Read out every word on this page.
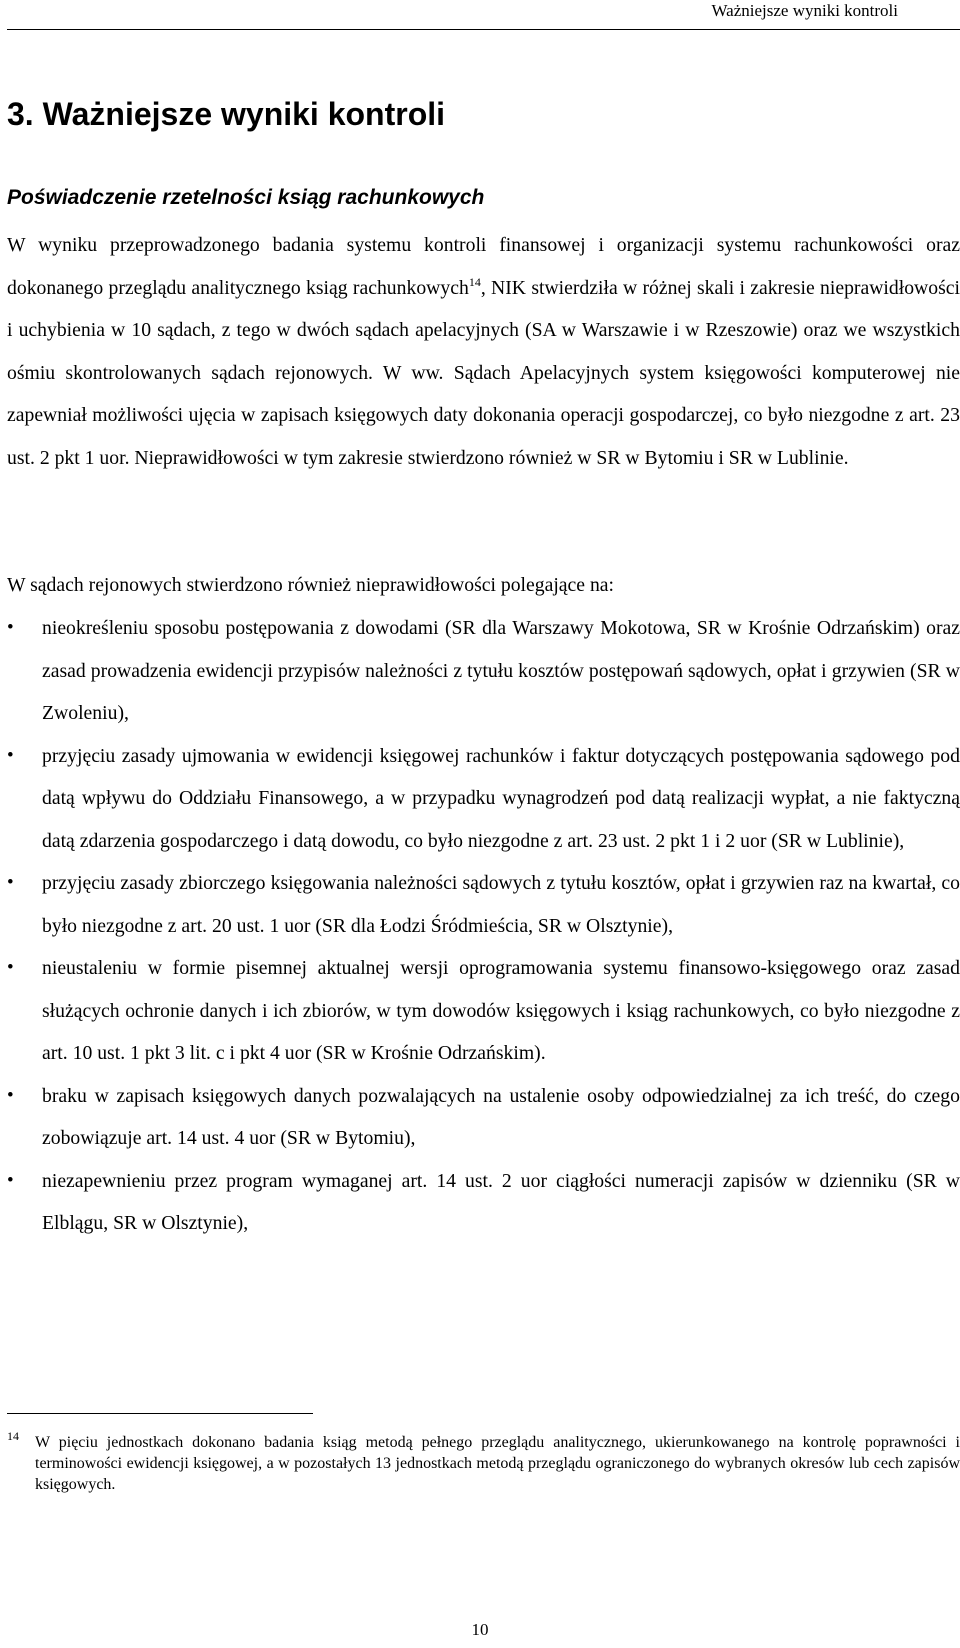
Ważniejsze wyniki kontroli
3. Ważniejsze wyniki kontroli
Poświadczenie rzetelności ksiąg rachunkowych

W wyniku przeprowadzonego badania systemu kontroli finansowej i organizacji systemu rachunkowości oraz dokonanego przeglądu analitycznego ksiąg rachunkowych$^{14}$, NIK stwierdziła w różnej skali i zakresie nieprawidłowości i uchybienia w 10 sądach, z tego w dwóch sądach apelacyjnych (SA w Warszawie i w Rzeszowie) oraz we wszystkich ośmiu skontrolowanych sądach rejonowych. W ww. Sądach Apelacyjnych system księgowości komputerowej nie zapewniał możliwości ujęcia w zapisach księgowych daty dokonania operacji gospodarczej, co było niezgodne z art. 23 ust. 2 pkt 1 uor. Nieprawidłowości w tym zakresie stwierdzono również w SR w Bytomiu i SR w Lublinie.

W sądach rejonowych stwierdzono również nieprawidłowości polegające na:

• nieokreśleniu sposobu postępowania z dowodami (SR dla Warszawy Mokotowa, SR w Krośnie Odrzańskim) oraz zasad prowadzenia ewidencji przypisów należności z tytułu kosztów postępowań sądowych, opłat i grzywien (SR w Zwoleniu),
• przyjęciu zasady ujmowania w ewidencji księgowej rachunków i faktur dotyczących postępowania sądowego pod datą wpływu do Oddziału Finansowego, a w przypadku wynagrodzeń pod datą realizacji wypłat, a nie faktyczną datą zdarzenia gospodarczego i datą dowodu, co było niezgodne z art. 23 ust. 2 pkt 1 i 2 uor (SR w Lublinie),
• przyjęciu zasady zbiorczego księgowania należności sądowych z tytułu kosztów, opłat i grzywien raz na kwartał, co było niezgodne z art. 20 ust. 1 uor (SR dla Łodzi Śródmieścia, SR w Olsztynie),
• nieustaleniu w formie pisemnej aktualnej wersji oprogramowania systemu finansowo-księgowego oraz zasad służących ochronie danych i ich zbiorów, w tym dowodów księgowych i ksiąg rachunkowych, co było niezgodne z art. 10 ust. 1 pkt 3 lit. c i pkt 4 uor (SR w Krośnie Odrzańskim).
• braku w zapisach księgowych danych pozwalających na ustalenie osoby odpowiedzialnej za ich treść, do czego zobowiązuje art. 14 ust. 4 uor (SR w Bytomiu),
• niezapewnieniu przez program wymaganej art. 14 ust. 2 uor ciągłości numeracji zapisów w dzienniku (SR w Elblągu, SR w Olsztynie),
14	W pięciu jednostkach dokonano badania ksiąg metodą pełnego przeglądu analitycznego, ukierunkowanego na kontrolę poprawności i terminowości ewidencji księgowej, a w pozostałych 13 jednostkach metodą przeglądu ograniczonego do wybranych okresów lub cech zapisów księgowych.
10
